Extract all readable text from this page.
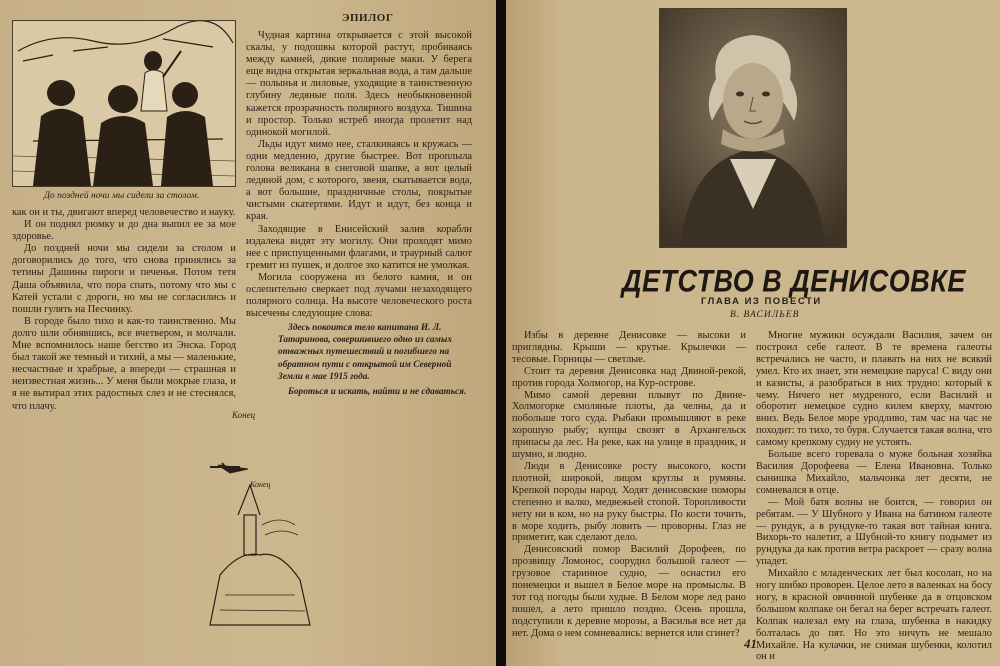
До поздней ночи мы сидели за столом.

как он и ты, двигают вперед человечество и науку.

И он поднял рюмку и до дна выпил ее за мое здоровье.

До поздней ночи мы сидели за столом и договорились до того, что снова принялись за тетины Дашины пироги и печенья. Потом тетя Даша объявила, что пора спать, потому что мы с Катей устали с дороги, но мы не согласились и пошли гулять на Песчинку.

В городе было тихо и как-то таинственно. Мы долго шли обнявшись, все вчетвером, и молчали. Мне вспомнилось наше бегство из Энска. Город был такой же темный и тихий, а мы — маленькие, несчастные и храбрые, а впереди — страшная и неизвестная жизнь... У меня были мокрые глаза, и я не вытирал этих радостных слез и не стеснялся, что плачу.

ЭПИЛОГ

Чудная картина открывается с этой высокой скалы, у подошвы которой растут, пробиваясь между камней, дикие полярные маки. У берега еще видна открытая зеркальная вода, а там дальше — полынья и лиловые, уходящие в таинственную глубину ледяные поля. Здесь необыкновенной кажется прозрачность полярного воздуха. Тишина и простор. Только ястреб иногда пролетит над одинокой могилой.

Льды идут мимо нее, сталкиваясь и кружась — одни медленно, другие быстрее. Вот проплыла голова великана в снеговой шапке, а вот целый ледяной дом, с которого, звеня, скатывается вода, а вот большие, праздничные столы, покрытые чистыми скатертями. Идут и идут, без конца и края.

Заходящие в Енисейский залив корабли издалека видят эту могилу. Они проходят мимо нее с приспущенными флагами, и траурный салют гремит из пушек, и долгое эхо катится не умолкая.

Могила сооружена из белого камня, и он ослепительно сверкает под лучами незаходящего полярного солнца. На высоте человеческого роста высечены следующие слова:

Здесь покоится тело капитана И. Л. Татаринова, совершившего одно из самых отважных путешествий и погибшего на обратном пути с открытой им Северной Земли в мае 1915 года.

Бороться и искать, найти и не сдаваться.

Конец
Конец
ДЕТСТВО В ДЕНИСОВКЕ
ГЛАВА ИЗ ПОВЕСТИ
В. ВАСИЛЬЕВ

Избы в деревне Денисовке — высоки и приглядны. Крыши — крутые. Крылечки — тесовые. Горницы — светлые.

Стоит та деревня Денисовка над Двиной-рекой, против города Холмогор, на Кур-острове.

Мимо самой деревни плывут по Двине-Холмогорке смоляные плоты, да челны, да и побольше того суда. Рыбаки промышляют в реке хорошую рыбу; купцы свозят в Архангельск припасы да лес. На реке, как на улице в праздник, и шумно, и людно.

Люди в Денисовке росту высокого, кости плотной, широкой, лицом круглы и румяны. Крепкой породы народ. Ходят денисовские поморы степенно и валко, медвежьей стопой. Торопливости нету ни в ком, но на руку быстры. По кости точить, в море ходить, рыбу ловить — проворны. Глаз не приметит, как сделают дело.

Денисовский помор Василий Дорофеев, по прозвищу Ломонос, соорудил большой галеот — грузовое старинное судно, — оснастил его понемецки и вышел в Белое море на промыслы. В тот год погоды были худые. В Белом море лед рано пошел, а лето пришло поздно. Осень прошла, подступили к деревне морозы, а Василья все нет да нет. Дома о нем сомневались: вернется или сгинет?

Многие мужики осуждали Василия, зачем он построил себе галеот. В те времена галеоты встречались не часто, и плавать на них не всякий умел. Кто их знает, эти немецкие паруса! С виду они и казисты, а разобраться в них трудно: который к чему. Ничего нет мудреного, если Василий и оборотит немецкое судно килем кверху, мачтою вниз. Ведь Белое море уродливо, там час на час не походит: то тихо, то буря. Случается такая волна, что самому крепкому судну не устоять.

Больше всего горевала о муже больная хозяйка Василия Дорофеева — Елена Ивановна. Только сынишка Михайло, мальчонка лет десяти, не сомневался в отце.

— Мой батя волны не боится, — говорил он ребятам. — У Шубного у Ивана на батином галеоте — рундук, а в рундуке-то такая вот тайная книга. Вихорь-то налетит, а Шубной-то книгу подымет из рундука да как против ветра раскроет — сразу волна упадет.

Михайло с младенческих лет был косолап, но на ногу шибко проворен. Целое лето в валенках на босу ногу, в красной овчинной шубенке да в отцовском большом колпаке он бегал на берег встречать галеот. Колпак налезал ему на глаза, шубенка в накидку болталась до пят. Но это ничуть не мешало Михайле. На кулачки, не снимая шубенки, колотил он и

41
